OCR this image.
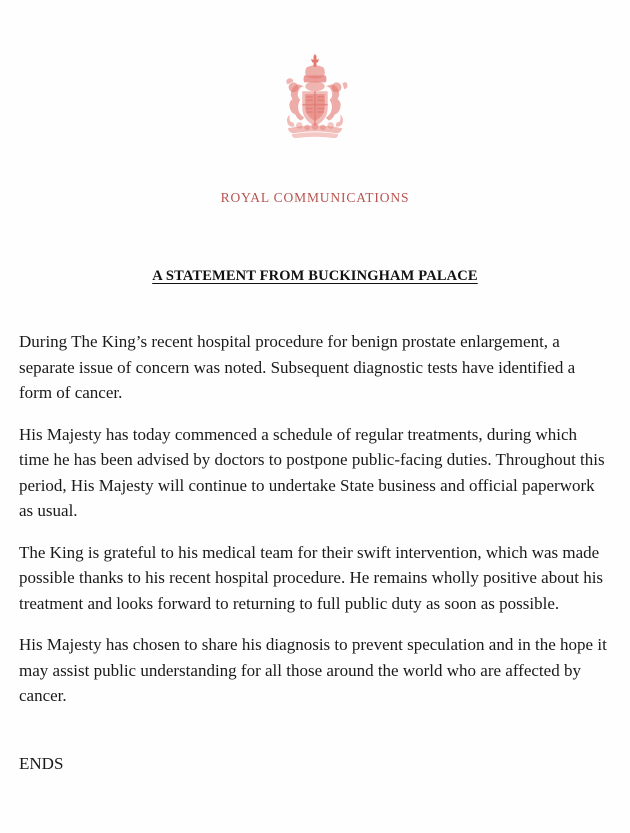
ROYAL COMMUNICATIONS
A STATEMENT FROM BUCKINGHAM PALACE

During The King’s recent hospital procedure for benign prostate enlargement, a separate issue of concern was noted. Subsequent diagnostic tests have identified a form of cancer.

His Majesty has today commenced a schedule of regular treatments, during which time he has been advised by doctors to postpone public-facing duties. Throughout this period, His Majesty will continue to undertake State business and official paperwork as usual.

The King is grateful to his medical team for their swift intervention, which was made possible thanks to his recent hospital procedure. He remains wholly positive about his treatment and looks forward to returning to full public duty as soon as possible.

His Majesty has chosen to share his diagnosis to prevent speculation and in the hope it may assist public understanding for all those around the world who are affected by cancer.

ENDS
